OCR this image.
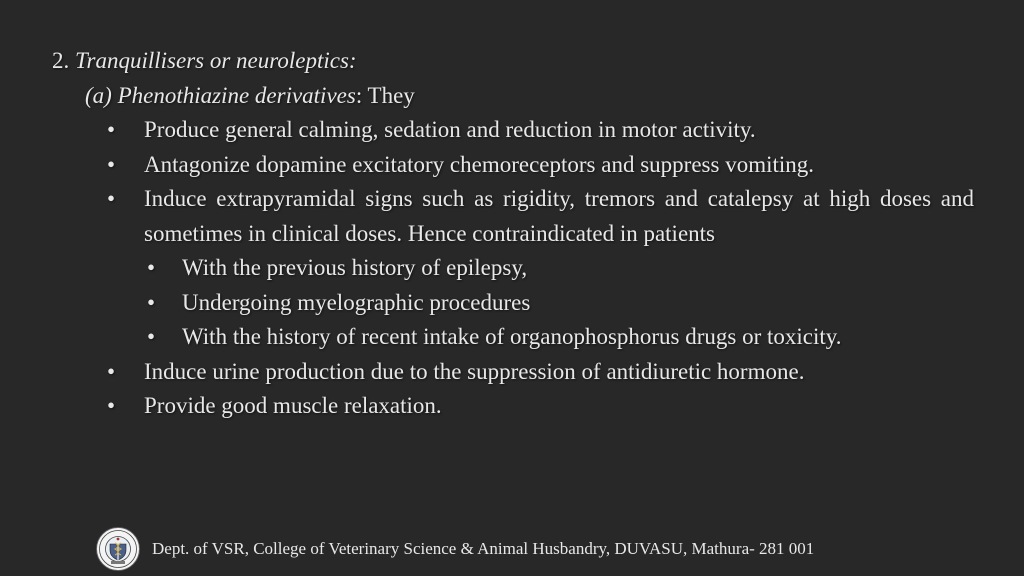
2. Tranquillisers or neuroleptics:

(a) Phenothiazine derivatives: They

• Produce general calming, sedation and reduction in motor activity.
• Antagonize dopamine excitatory chemoreceptors and suppress vomiting.
• Induce extrapyramidal signs such as rigidity, tremors and catalepsy at high doses and sometimes in clinical doses. Hence contraindicated in patients
• With the previous history of epilepsy,
• Undergoing myelographic procedures
• With the history of recent intake of organophosphorus drugs or toxicity.
• Induce urine production due to the suppression of antidiuretic hormone.
• Provide good muscle relaxation.
Dept. of VSR, College of Veterinary Science & Animal Husbandry, DUVASU, Mathura- 281 001
